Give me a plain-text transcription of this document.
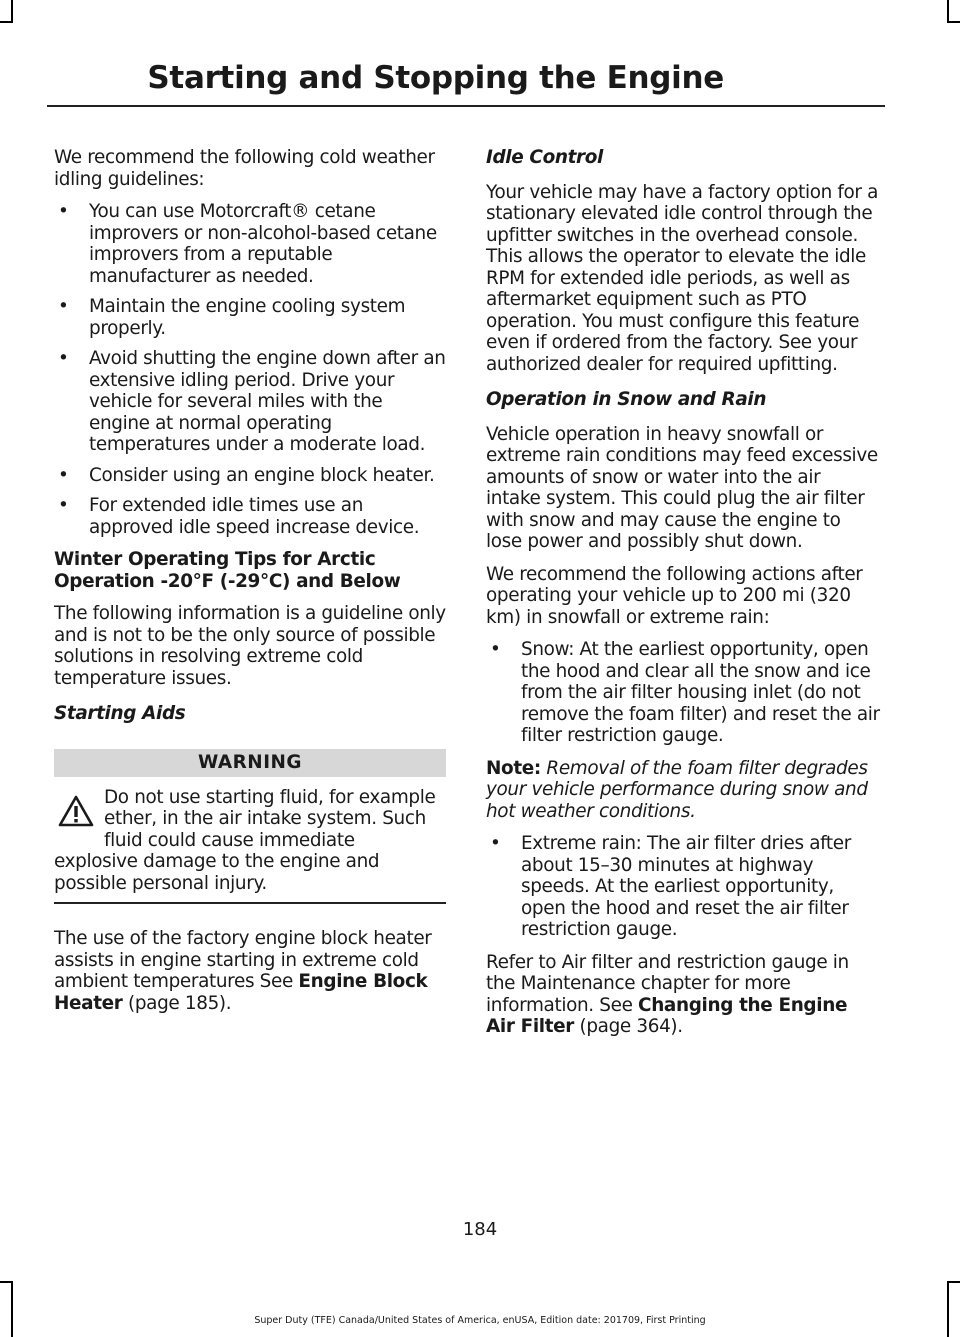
Starting and Stopping the Engine

We recommend the following cold weather idling guidelines:

• You can use Motorcraft® cetane improvers or non-alcohol-based cetane improvers from a reputable manufacturer as needed.
• Maintain the engine cooling system properly.
• Avoid shutting the engine down after an extensive idling period. Drive your vehicle for several miles with the engine at normal operating temperatures under a moderate load.
• Consider using an engine block heater.
• For extended idle times use an approved idle speed increase device.
Winter Operating Tips for Arctic
Operation -20°F (-29°C) and Below

The following information is a guideline only and is not to be the only source of possible solutions in resolving extreme cold temperature issues.

Starting Aids
WARNING
Do not use starting fluid, for example
ether, in the air intake system. Such
fluid could cause immediate
explosive damage to the engine and possible personal injury.

The use of the factory engine block heater assists in engine starting in extreme cold ambient temperatures See Engine Block Heater (page 185).

Idle Control

Your vehicle may have a factory option for a stationary elevated idle control through the upfitter switches in the overhead console. This allows the operator to elevate the idle RPM for extended idle periods, as well as aftermarket equipment such as PTO operation. You must configure this feature even if ordered from the factory. See your authorized dealer for required upfitting.

Operation in Snow and Rain

Vehicle operation in heavy snowfall or extreme rain conditions may feed excessive amounts of snow or water into the air intake system. This could plug the air filter with snow and may cause the engine to lose power and possibly shut down.

We recommend the following actions after operating your vehicle up to 200 mi (320 km) in snowfall or extreme rain:

• Snow: At the earliest opportunity, open the hood and clear all the snow and ice from the air filter housing inlet (do not remove the foam filter) and reset the air filter restriction gauge.

Note: Removal of the foam filter degrades your vehicle performance during snow and hot weather conditions.

• Extreme rain: The air filter dries after about 15–30 minutes at highway speeds. At the earliest opportunity, open the hood and reset the air filter restriction gauge.

Refer to Air filter and restriction gauge in the Maintenance chapter for more information. See Changing the Engine Air Filter (page 364).

184
Super Duty (TFE) Canada/United States of America, enUSA, Edition date: 201709, First Printing
